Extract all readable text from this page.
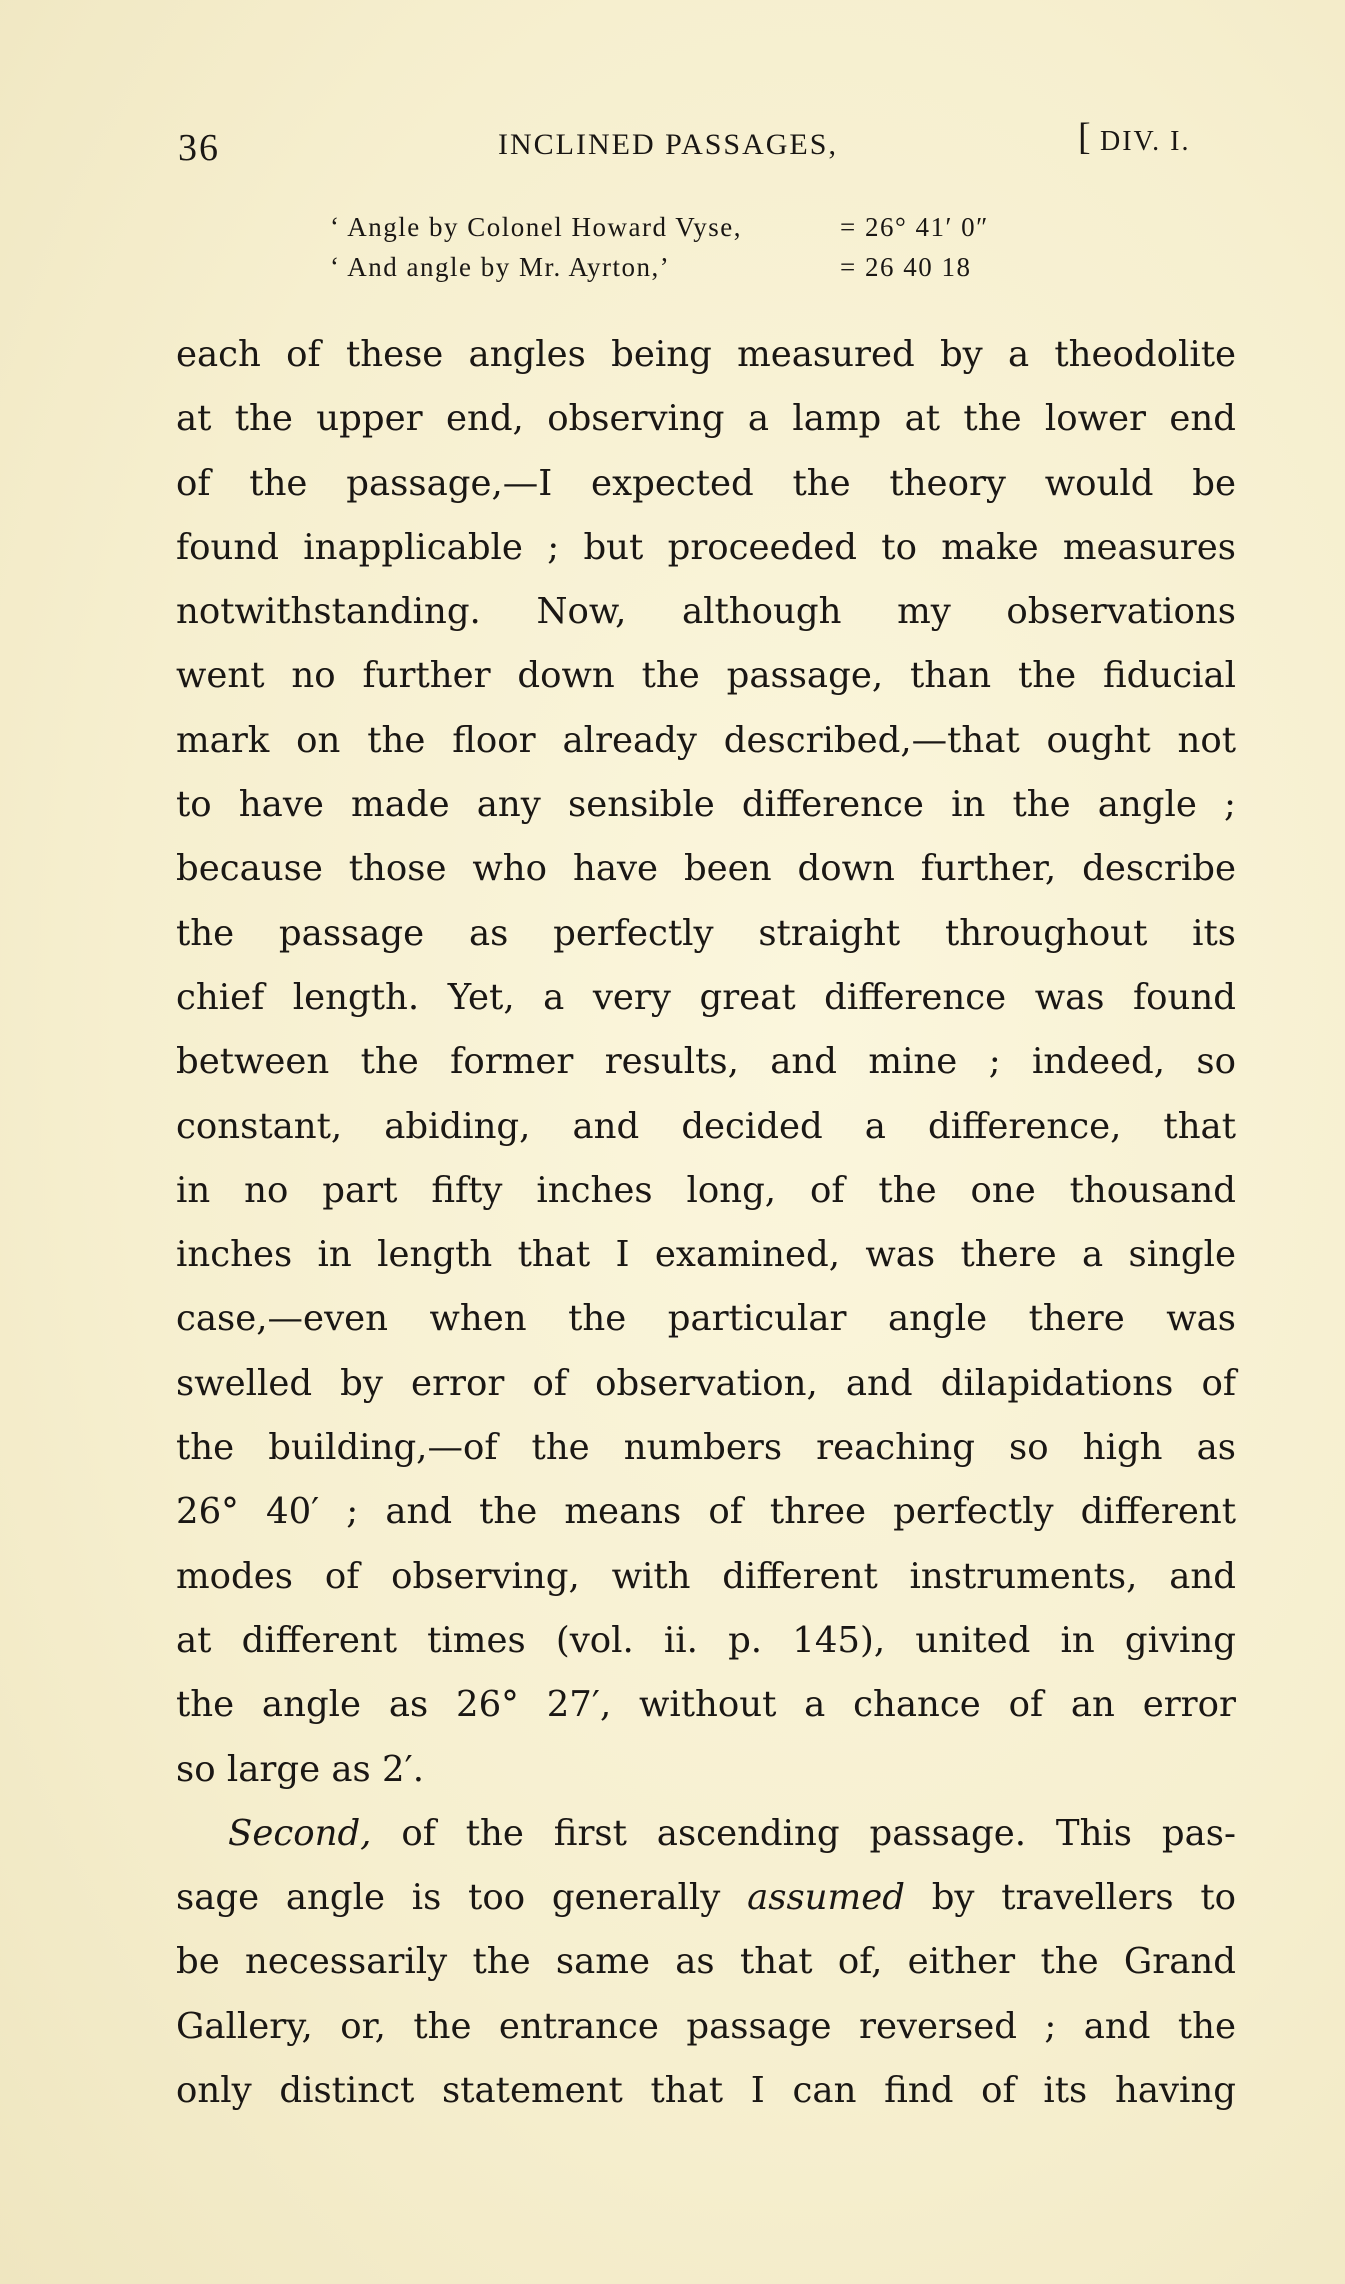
36	INCLINED PASSAGES,	[ DIV. I.
‘ Angle by Colonel Howard Vyse,	= 26° 41′ 0″
‘ And angle by Mr. Ayrton,’	= 26 40 18
each of these angles being measured by a theodolite
at the upper end, observing a lamp at the lower end
of the passage,—I expected the theory would be
found inapplicable ; but proceeded to make measures
notwithstanding. Now, although my observations
went no further down the passage, than the fiducial
mark on the floor already described,—that ought not
to have made any sensible difference in the angle ;
because those who have been down further, describe
the passage as perfectly straight throughout its
chief length. Yet, a very great difference was found
between the former results, and mine ; indeed, so
constant, abiding, and decided a difference, that
in no part fifty inches long, of the one thousand
inches in length that I examined, was there a single
case,—even when the particular angle there was
swelled by error of observation, and dilapidations of
the building,—of the numbers reaching so high as
26° 40′ ; and the means of three perfectly different
modes of observing, with different instruments, and
at different times (vol. ii. p. 145), united in giving
the angle as 26° 27′, without a chance of an error
so large as 2′.
Second, of the first ascending passage. This pas-
sage angle is too generally assumed by travellers to
be necessarily the same as that of, either the Grand
Gallery, or, the entrance passage reversed ; and the
only distinct statement that I can find of its having
